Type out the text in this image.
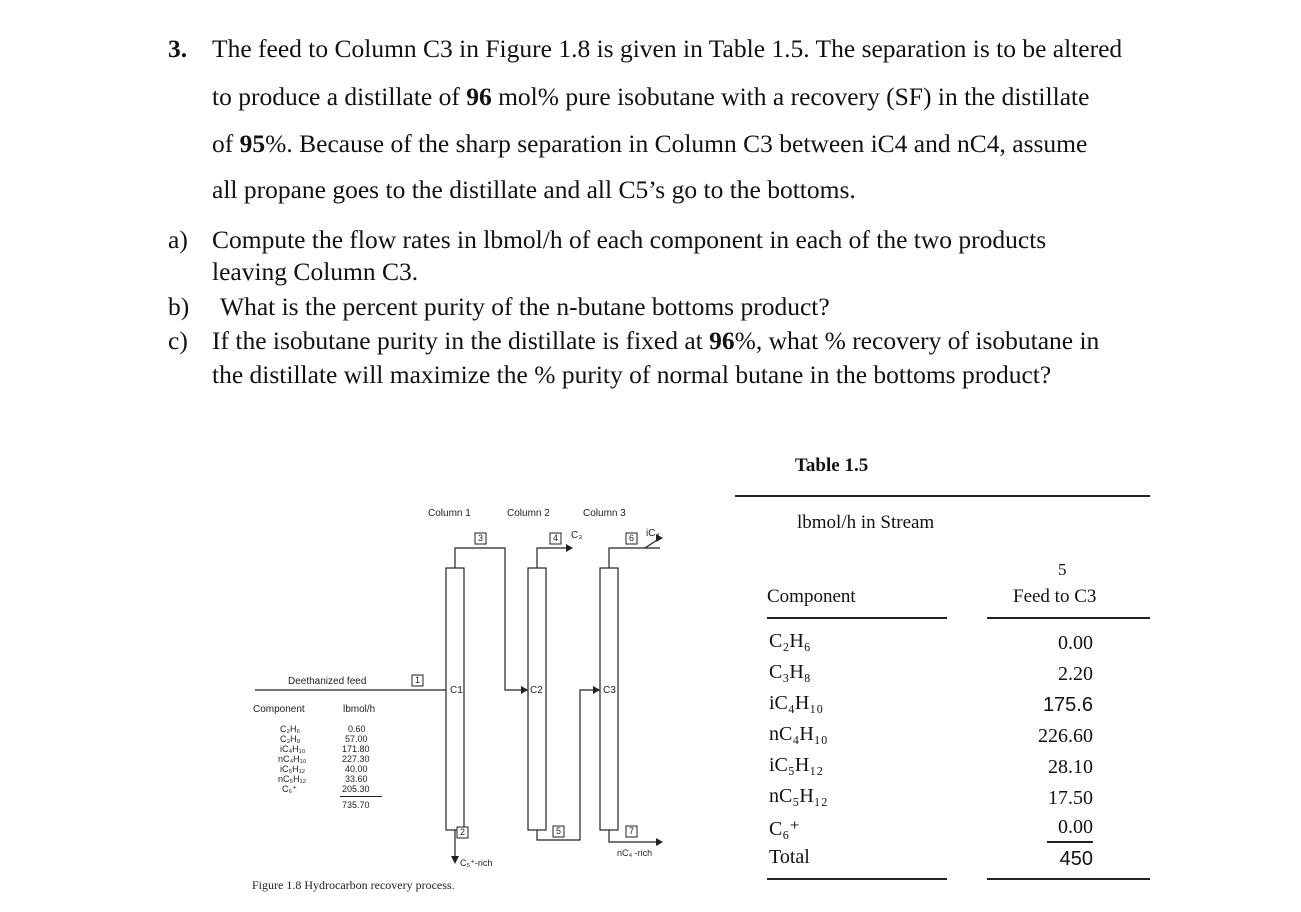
3. The feed to Column C3 in Figure 1.8 is given in Table 1.5. The separation is to be altered
to produce a distillate of 96 mol% pure isobutane with a recovery (SF) in the distillate
of 95%. Because of the sharp separation in Column C3 between iC4 and nC4, assume
all propane goes to the distillate and all C5’s go to the bottoms.
a) Compute the flow rates in lbmol/h of each component in each of the two products
leaving Column C3.
b) What is the percent purity of the n-butane bottoms product?
c) If the isobutane purity in the distillate is fixed at 96%, what % recovery of isobutane in
the distillate will maximize the % purity of normal butane in the bottoms product?
Column 1	Column 2	Column 3
C1	C2	C3
1
2
3	4
5
6
7
C₃	iC₄
nC₄ -rich
C₅⁺-rich
Deethanized feed
Component	lbmol/h
C₂H₆	0.60
C₃H₈	57.00
iC₄H₁₀	171.80
nC₄H₁₀	227.30
iC₅H₁₂	40.00
nC₅H₁₂	33.60
C₆⁺	205.30
735.70
Figure 1.8 Hydrocarbon recovery process.
Table 1.5
lbmol/h in Stream
5
Component	Feed to C3
C₂H₆	0.00
C₃H₈	2.20
iC₄H₁₀	175.6
nC₄H₁₀	226.60
iC₅H₁₂	28.10
nC₅H₁₂	17.50
C₆⁺	0.00
Total	450
